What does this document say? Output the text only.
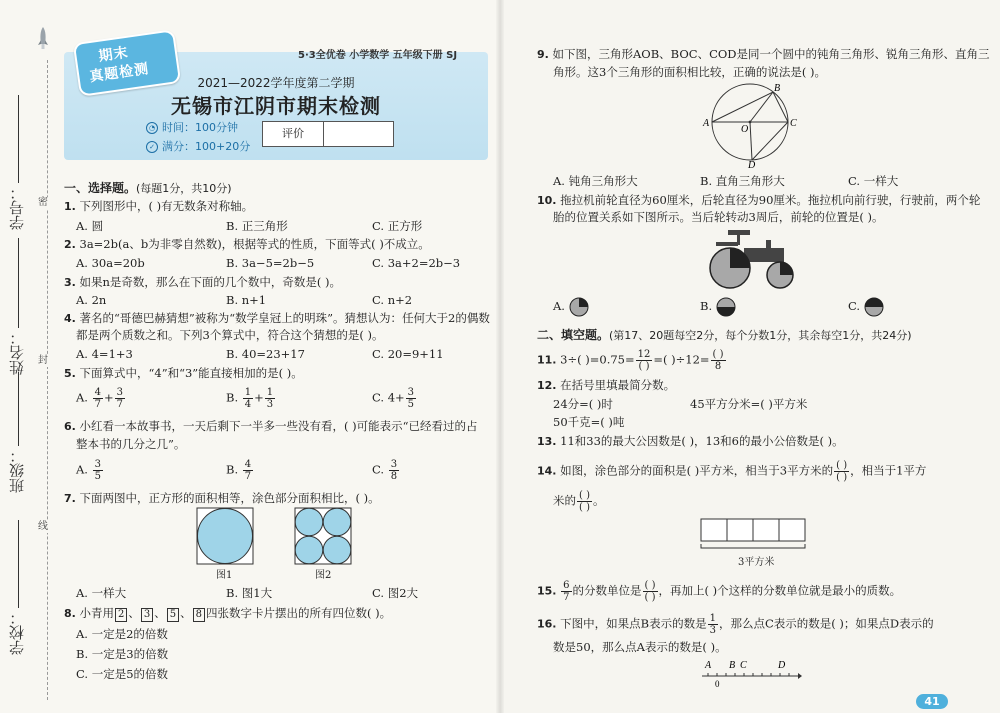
密
封
线
学号：
姓名：
班级：
学校：
期末
真题检测
5·3全优卷 小学数学 五年级下册 SJ
2021—2022学年度第二学期
无锡市江阴市期末检测
◔ 时间：100分钟
✓ 满分：100+20分
评价
一、选择题。(每题1分，共10分)
1. 下列图形中，( )有无数条对称轴。
A. 圆	B. 正三角形	C. 正方形
2. 3a=2b(a、b为非零自然数)，根据等式的性质，下面等式( )不成立。
A. 30a=20b	B. 3a−5=2b−5	C. 3a+2=2b−3
3. 如果n是奇数，那么在下面的几个数中，奇数是( )。
A. 2n	B. n+1	C. n+2
4. 著名的“哥德巴赫猜想”被称为“数学皇冠上的明珠”。猜想认为：任何大于2的偶数
都是两个质数之和。下列3个算式中，符合这个猜想的是( )。
A. 4=1+3	B. 40=23+17	C. 20=9+11
5. 下面算式中，“4”和“3”能直接相加的是( )。
A. $\frac{4}{7} + \frac{3}{7}$	B. $\frac{1}{4} + \frac{1}{3}$	C. $4+ \frac{3}{5}$
6. 小红看一本故事书，一天后剩下一半多一些没有看，( )可能表示“已经看过的占
整本书的几分之几”。
A. $\frac{3}{5}$	B. $\frac{4}{7}$	C. $\frac{3}{8}$
7. 下面两图中，正方形的面积相等，涂色部分面积相比，( )。
图1	图2
A. 一样大	B. 图1大	C. 图2大
8. 小青用 2 、 3 、 5 、 8 四张数字卡片摆出的所有四位数( )。
A. 一定是2的倍数
B. 一定是3的倍数
C. 一定是5的倍数
9. 如下图，三角形AOB、BOC、COD是同一个圆中的钝角三角形、锐角三角形、直角三
角形。这3个三角形的面积相比较，正确的说法是( )。
A
B
C
D
O
A. 钝角三角形大	B. 直角三角形大	C. 一样大
10. 拖拉机前轮直径为60厘米，后轮直径为90厘米。拖拉机向前行驶，行驶前，两个轮
胎的位置关系如下图所示。当后轮转动3周后，前轮的位置是( )。
A.	B.	C.
二、填空题。(第17、20题每空2分，每个分数1分，其余每空1分，共24分)
11. 3÷( )$=0.75= \frac{12}{( )}$ =( )$\div 12= \frac{( )}{8}$
12. 在括号里填最简分数。
24分=( )时	45平方分米=( )平方米
50千克=( )吨
13. 11和33的最大公因数是( )，13和6的最小公倍数是( )。
14. 如图，涂色部分的面积是( )平方米，相当于3平方米的 $\frac{( )}{( )}$ ，相当于1平方
米的 $\frac{( )}{( )}$ 。
3平方米
15. $\frac{6}{7}$ 的分数单位是 $\frac{( )}{( )}$ ，再加上( )个这样的分数单位就是最小的质数。
16. 下图中，如果点B表示的数是 $\frac{1}{3}$ ，那么点C表示的数是( )；如果点D表示的
数是50，那么点A表示的数是( )。
A B C	D
0
41
